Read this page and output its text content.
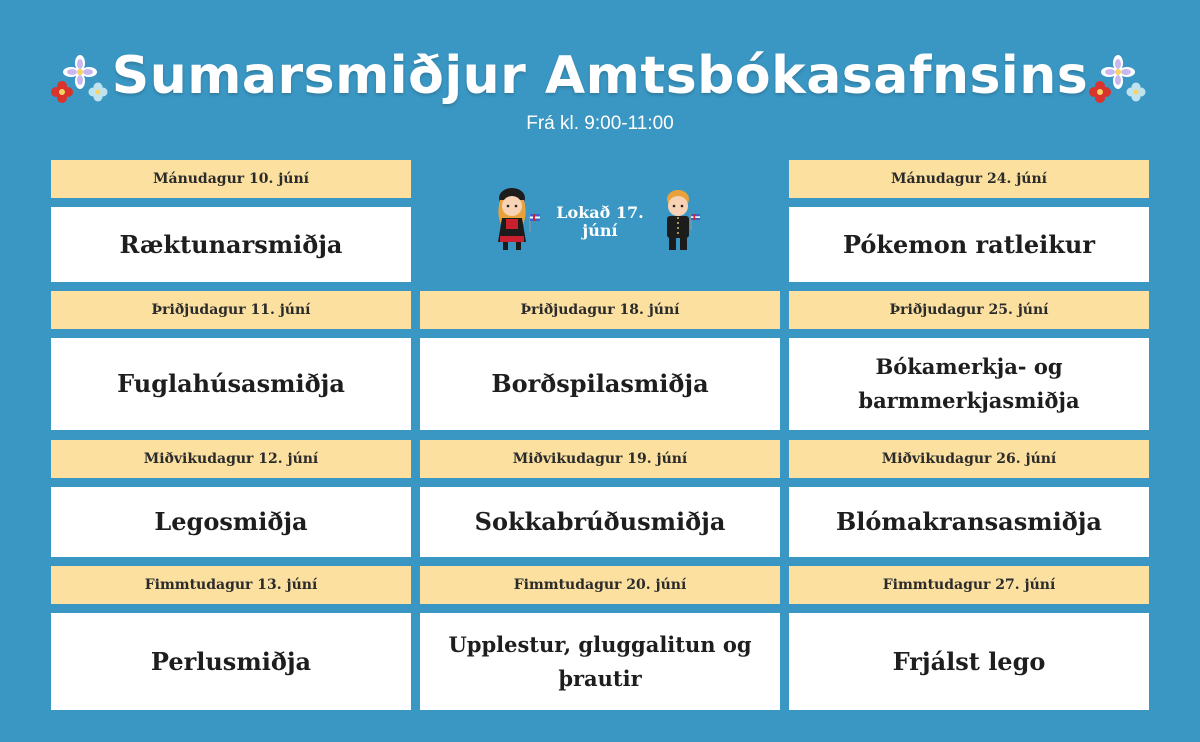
Sumarsmiðjur Amtsbókasafnsins
Frá kl. 9:00-11:00
Mánudagur 10. júní
Ræktunarsmiðja
Þriðjudagur 11. júní
Fuglahúsasmiðja
Miðvikudagur 12. júní
Legosmiðja
Fimmtudagur 13. júní
Perlusmiðja
Lokað 17. júní
Þriðjudagur 18. júní
Borðspilasmiðja
Miðvikudagur 19. júní
Sokkabrúðusmiðja
Fimmtudagur 20. júní
Upplestur, gluggalitun og þrautir
Mánudagur 24. júní
Pókemon ratleikur
Þriðjudagur 25. júní
Bókamerkja- og barmmerkjasmiðja
Miðvikudagur 26. júní
Blómakransasmiðja
Fimmtudagur 27. júní
Frjálst lego
